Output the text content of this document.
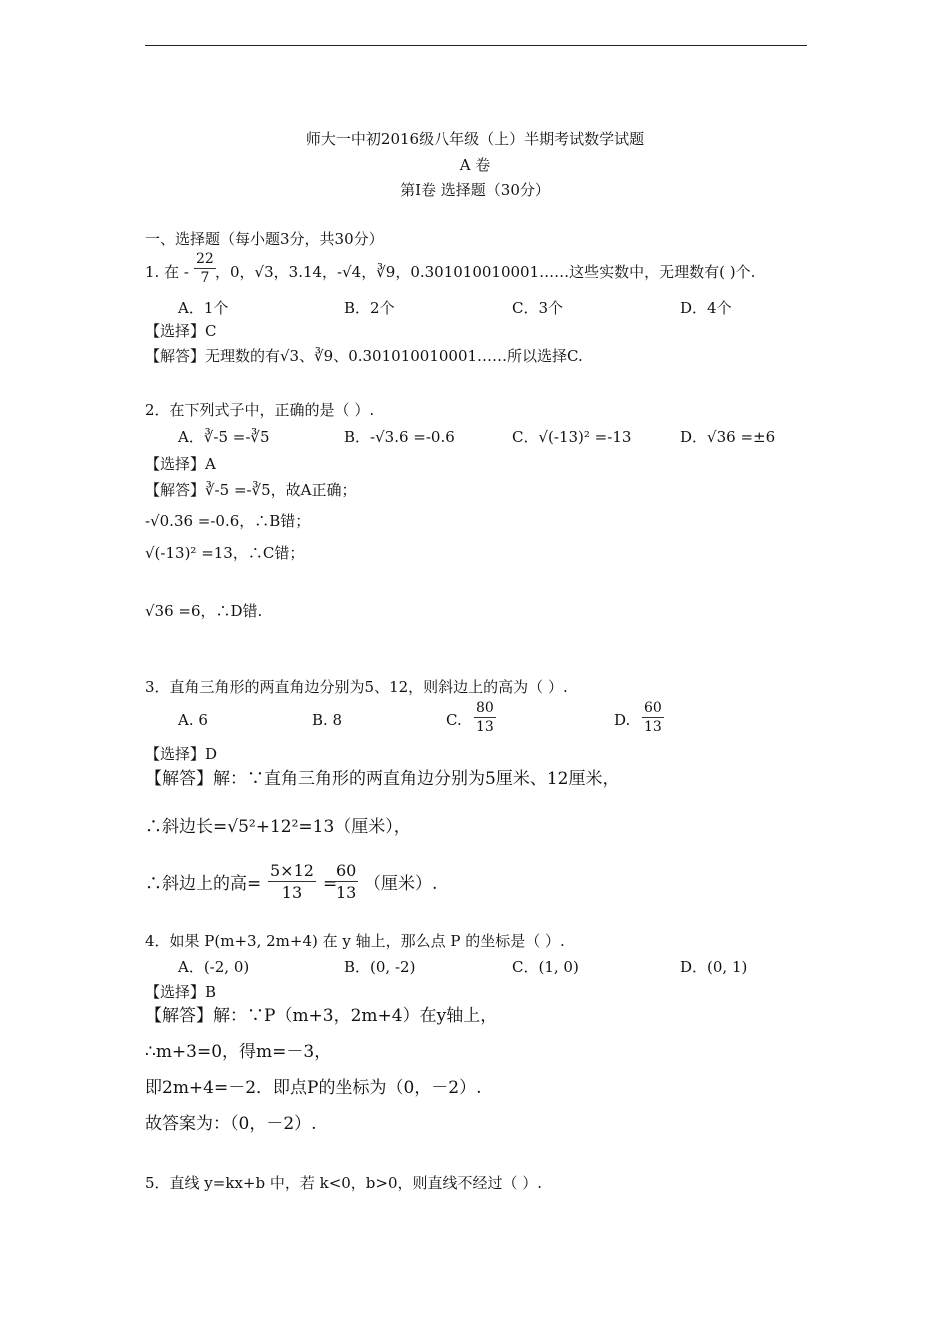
师大一中初2016级八年级（上）半期考试数学试题
A 卷
第I卷 选择题（30分）
一、选择题（每小题3分，共30分）
1. 在 - $\frac{22}{7}$ ，0，√3，3.14，-√4，∛9，0.301010010001……这些实数中，无理数有( )个.
A．1个	B．2个	C．3个	D．4个
【选择】C
【解答】无理数的有√3、∛9、0.301010010001……所以选择C.
2．在下列式子中，正确的是（ ）.
A．∛-5 =-∛5	B．-√3.6 =-0.6	C．√(-13)² =-13	D．√36 =±6
【选择】A
【解答】∛-5 =-∛5，故A正确；
-√0.36 =-0.6，∴B错；
√(-13)² =13，∴C错；
√36 =6，∴D错.
3．直角三角形的两直角边分别为5、12，则斜边上的高为（ ）.
A. 6	B. 8	C. $\frac{80}{13}$	D. $\frac{60}{13}$
【选择】D
【解答】解：∵直角三角形的两直角边分别为5厘米、12厘米，
∴斜边长=√5²+12²=13（厘米），
∴斜边上的高= $\frac{5\times 12}{13}$ =
$\frac{60}{13}$ （厘米）.
4．如果 P(m+3, 2m+4) 在 y 轴上，那么点 P 的坐标是（ ）.
A．(-2, 0)	B．(0, -2)	C．(1, 0)	D．(0, 1)
【选择】B
【解答】解：∵P（m+3，2m+4）在y轴上，
∴m+3=0，得m=－3，
即2m+4=－2．即点P的坐标为（0，－2）.
故答案为：（0，－2）.
5．直线 y=kx+b 中，若 k<0，b>0，则直线不经过（ ）.
